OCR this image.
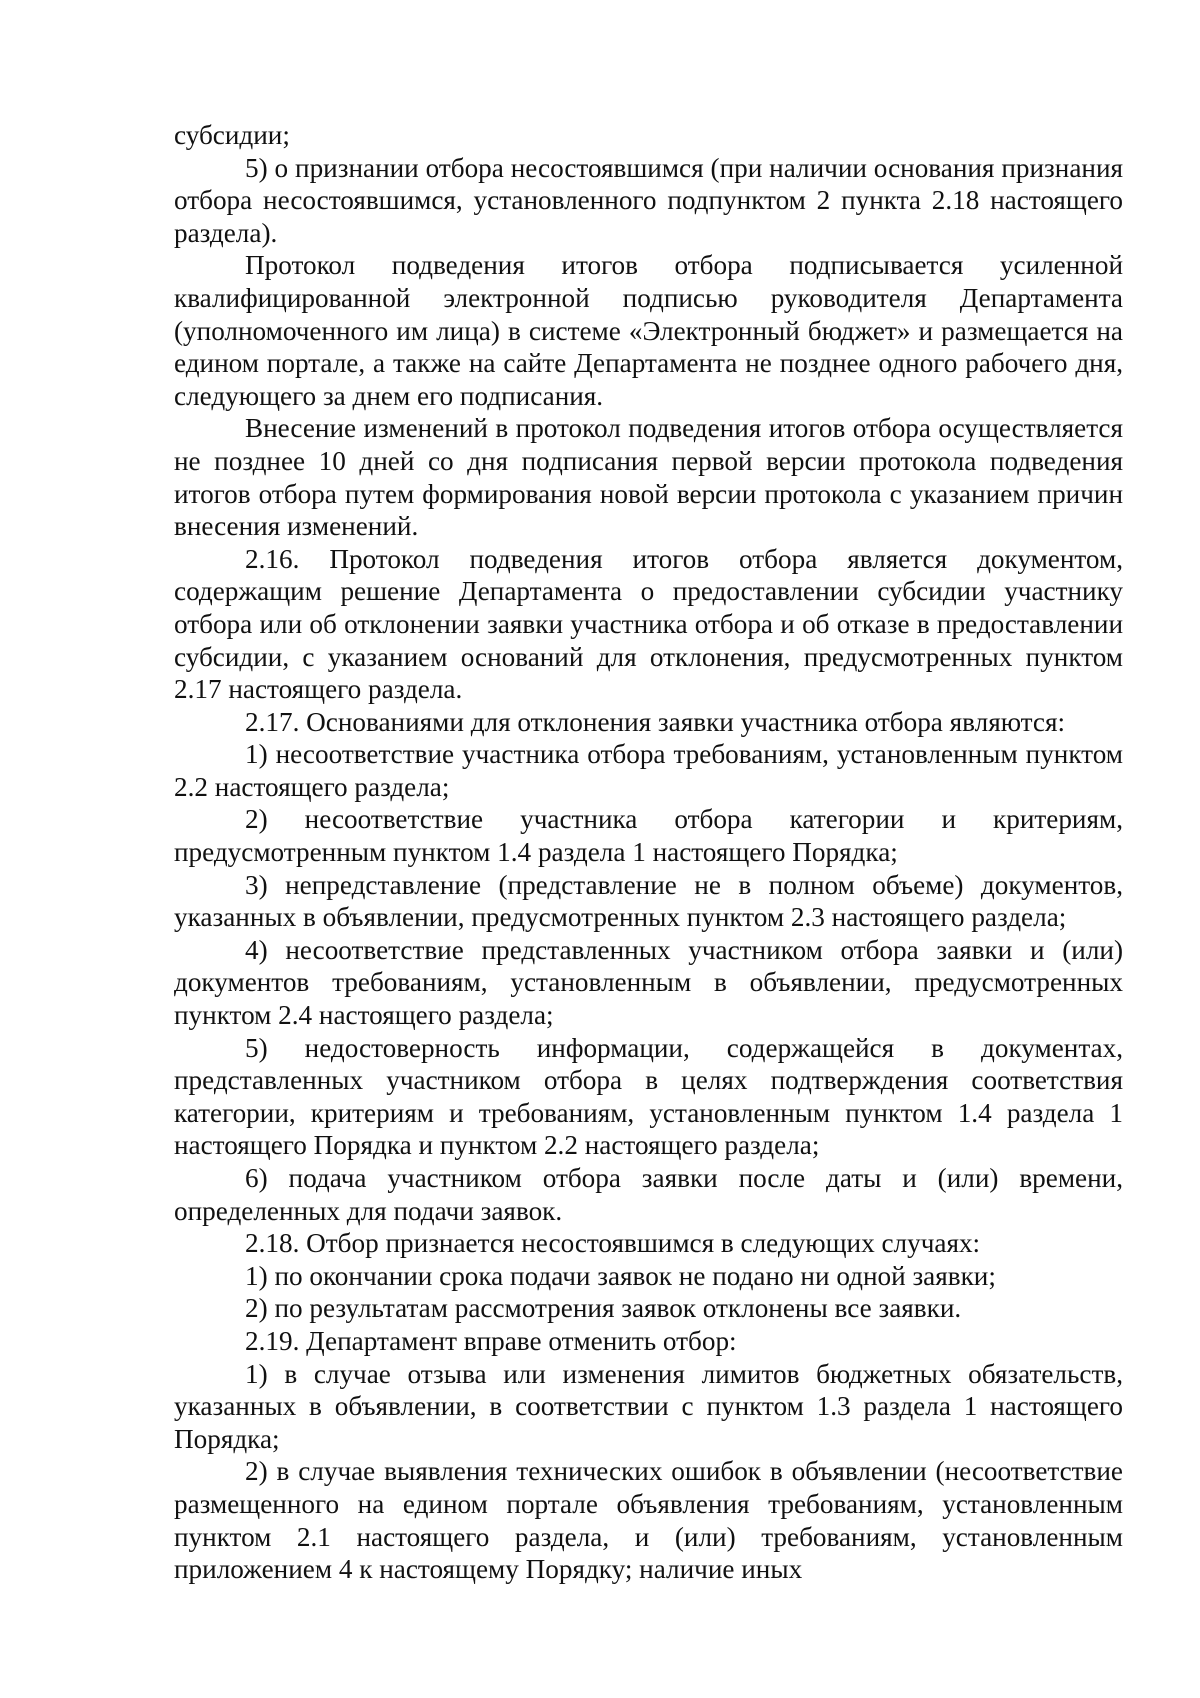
субсидии;

5) о признании отбора несостоявшимся (при наличии основания признания отбора несостоявшимся, установленного подпунктом 2 пункта 2.18 настоящего раздела).

Протокол подведения итогов отбора подписывается усиленной квалифицированной электронной подписью руководителя Департамента (уполномоченного им лица) в системе «Электронный бюджет» и размещается на едином портале, а также на сайте Департамента не позднее одного рабочего дня, следующего за днем его подписания.

Внесение изменений в протокол подведения итогов отбора осуществляется не позднее 10 дней со дня подписания первой версии протокола подведения итогов отбора путем формирования новой версии протокола с указанием причин внесения изменений.

2.16. Протокол подведения итогов отбора является документом, содержащим решение Департамента о предоставлении субсидии участнику отбора или об отклонении заявки участника отбора и об отказе в предоставлении субсидии, с указанием оснований для отклонения, предусмотренных пунктом 2.17 настоящего раздела.

2.17. Основаниями для отклонения заявки участника отбора являются:

1) несоответствие участника отбора требованиям, установленным пунктом 2.2 настоящего раздела;

2) несоответствие участника отбора категории и критериям, предусмотренным пунктом 1.4 раздела 1 настоящего Порядка;

3) непредставление (представление не в полном объеме) документов, указанных в объявлении, предусмотренных пунктом 2.3 настоящего раздела;

4) несоответствие представленных участником отбора заявки и (или) документов требованиям, установленным в объявлении, предусмотренных пунктом 2.4 настоящего раздела;

5) недостоверность информации, содержащейся в документах, представленных участником отбора в целях подтверждения соответствия категории, критериям и требованиям, установленным пунктом 1.4 раздела 1 настоящего Порядка и пунктом 2.2 настоящего раздела;

6) подача участником отбора заявки после даты и (или) времени, определенных для подачи заявок.

2.18. Отбор признается несостоявшимся в следующих случаях:

1) по окончании срока подачи заявок не подано ни одной заявки;

2) по результатам рассмотрения заявок отклонены все заявки.

2.19. Департамент вправе отменить отбор:

1) в случае отзыва или изменения лимитов бюджетных обязательств, указанных в объявлении, в соответствии с пунктом 1.3 раздела 1 настоящего Порядка;

2) в случае выявления технических ошибок в объявлении (несоответствие размещенного на едином портале объявления требованиям, установленным пунктом 2.1 настоящего раздела, и (или) требованиям, установленным приложением 4 к настоящему Порядку; наличие иных
